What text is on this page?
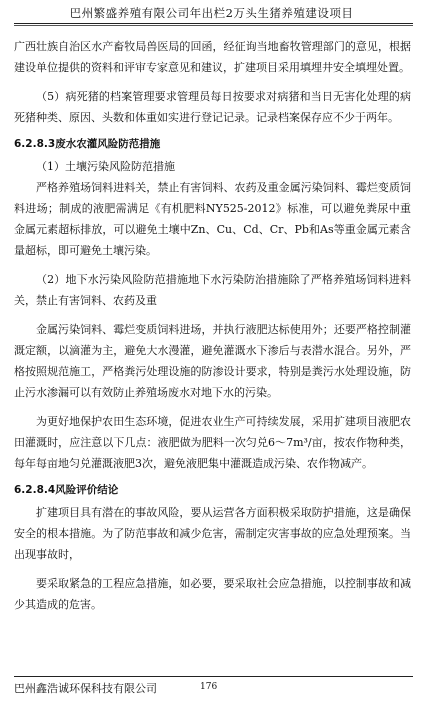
巴州繁盛养殖有限公司年出栏2万头生猪养殖建设项目

广西壮族自治区水产畜牧局兽医局的回函，经征询当地畜牧管理部门的意见，根据建设单位提供的资料和评审专家意见和建议，扩建项目采用填埋井安全填埋处置。

（5）病死猪的档案管理要求管理员每日按要求对病猪和当日无害化处理的病死猪种类、原因、头数和体重如实进行登记记录。记录档案保存应不少于两年。

6.2.8.3废水农灌风险防范措施

（1）土壤污染风险防范措施

严格养殖场饲料进料关，禁止有害饲料、农药及重金属污染饲料、霉烂变质饲料进场；制成的液肥需满足《有机肥料NY525-2012》标准，可以避免粪尿中重金属元素超标排放，可以避免土壤中Zn、Cu、Cd、Cr、Pb和As等重金属元素含量超标，即可避免土壤污染。

（2）地下水污染风险防范措施地下水污染防治措施除了严格养殖场饲料进料关，禁止有害饲料、农药及重

金属污染饲料、霉烂变质饲料进场，并执行液肥达标使用外；还要严格控制灌溉定额，以滴灌为主，避免大水漫灌，避免灌溉水下渗后与表潜水混合。另外，严格按照规范施工，严格粪污处理设施的防渗设计要求，特别是粪污水处理设施，防止污水渗漏可以有效防止养殖场废水对地下水的污染。

为更好地保护农田生态环境，促进农业生产可持续发展，采用扩建项目液肥农田灌溉时，应注意以下几点：液肥做为肥料一次匀兑6～7m³/亩，按农作物种类，每年每亩地匀兑灌溉液肥3次，避免液肥集中灌溉造成污染、农作物减产。

6.2.8.4风险评价结论

扩建项目具有潜在的事故风险，要从运营各方面积极采取防护措施，这是确保安全的根本措施。为了防范事故和减少危害，需制定灾害事故的应急处理预案。当出现事故时，

要采取紧急的工程应急措施，如必要，要采取社会应急措施，以控制事故和减少其造成的危害。

巴州鑫浩诚环保科技有限公司	176
